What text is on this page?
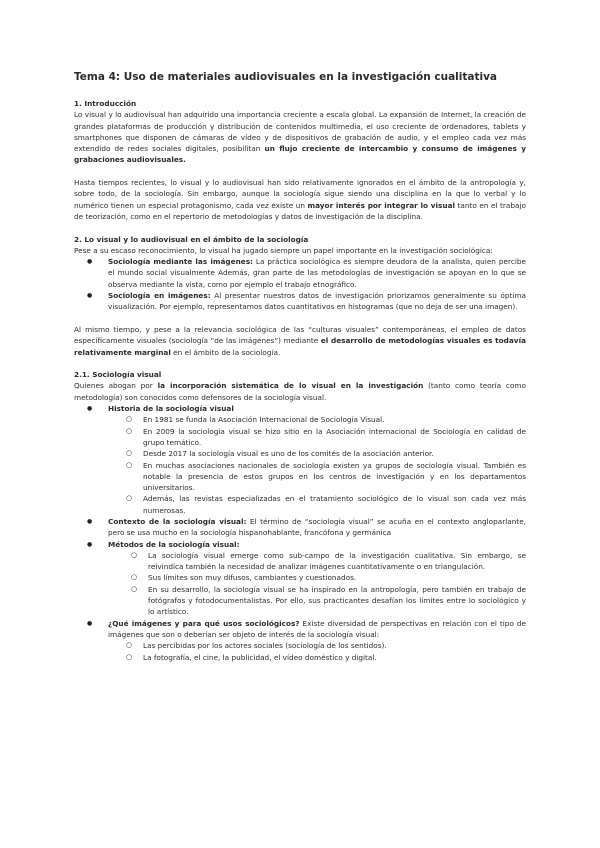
Tema 4: Uso de materiales audiovisuales en la investigación cualitativa
1. Introducción

Lo visual y lo audiovisual han adquirido una importancia creciente a escala global. La expansión de Internet, la creación de grandes plataformas de producción y distribución de contenidos multimedia, el uso creciente de ordenadores, tablets y smartphones que disponen de cámaras de vídeo y de dispositivos de grabación de audio, y el empleo cada vez más extendido de redes sociales digitales, posibilitan un flujo creciente de intercambio y consumo de imágenes y grabaciones audiovisuales.

Hasta tiempos recientes, lo visual y lo audiovisual han sido relativamente ignorados en el ámbito de la antropología y, sobre todo, de la sociología. Sin embargo, aunque la sociología sigue siendo una disciplina en la que lo verbal y lo numérico tienen un especial protagonismo, cada vez existe un mayor interés por integrar lo visual tanto en el trabajo de teorización, como en el repertorio de metodologías y datos de investigación de la disciplina.

2. Lo visual y lo audiovisual en el ámbito de la sociología

Pese a su escaso reconocimiento, lo visual ha jugado siempre un papel importante en la investigación sociológica:

● Sociología mediante las imágenes: La práctica sociológica es siempre deudora de la analista, quien percibe el mundo social visualmente Además, gran parte de las metodologías de investigación se apoyan en lo que se observa mediante la vista, como por ejemplo el trabajo etnográfico.
● Sociología en imágenes: Al presentar nuestros datos de investigación priorizamos generalmente su óptima visualización. Por ejemplo, representamos datos cuantitativos en histogramas (que no deja de ser una imagen).

Al mismo tiempo, y pese a la relevancia sociológica de las “culturas visuales” contemporáneas, el empleo de datos específicamente visuales (sociología “de las imágenes”) mediante el desarrollo de metodologías visuales es todavía relativamente marginal en el ámbito de la sociología.

2.1. Sociología visual

Quienes abogan por la incorporación sistemática de lo visual en la investigación (tanto como teoría como metodología) son conocidos como defensores de la sociología visual.

● Historia de la sociología visual
○ En 1981 se funda la Asociación Internacional de Sociología Visual.
○ En 2009 la sociología visual se hizo sitio en la Asociación internacional de Sociología en calidad de grupo temático.
○ Desde 2017 la sociología visual es uno de los comités de la asociación anterior.
○ En muchas asociaciones nacionales de sociología existen ya grupos de sociología visual. También es notable la presencia de estos grupos en los centros de investigación y en los departamentos universitarios.
○ Además, las revistas especializadas en el tratamiento sociológico de lo visual son cada vez más numerosas.
● Contexto de la sociología visual: El término de “sociología visual” se acuña en el contexto angloparlante, pero se usa mucho en la sociología hispanohablante, francófona y germánica
● Métodos de la sociología visual:
○ La sociología visual emerge como sub-campo de la investigación cualitativa. Sin embargo, se reivindica también la necesidad de analizar imágenes cuantitativamente o en triangulación.
○ Sus límites son muy difusos, cambiantes y cuestionados.
○ En su desarrollo, la sociología visual se ha inspirado en la antropología, pero también en trabajo de fotógrafos y fotodocumentalistas. Por ello, sus practicantes desafían los límites entre lo sociológico y lo artístico.
● ¿Qué imágenes y para qué usos sociológicos? Existe diversidad de perspectivas en relación con el tipo de imágenes que son o deberían ser objeto de interés de la sociología visual:
○ Las percibidas por los actores sociales (sociología de los sentidos).
○ La fotografía, el cine, la publicidad, el vídeo doméstico y digital.
